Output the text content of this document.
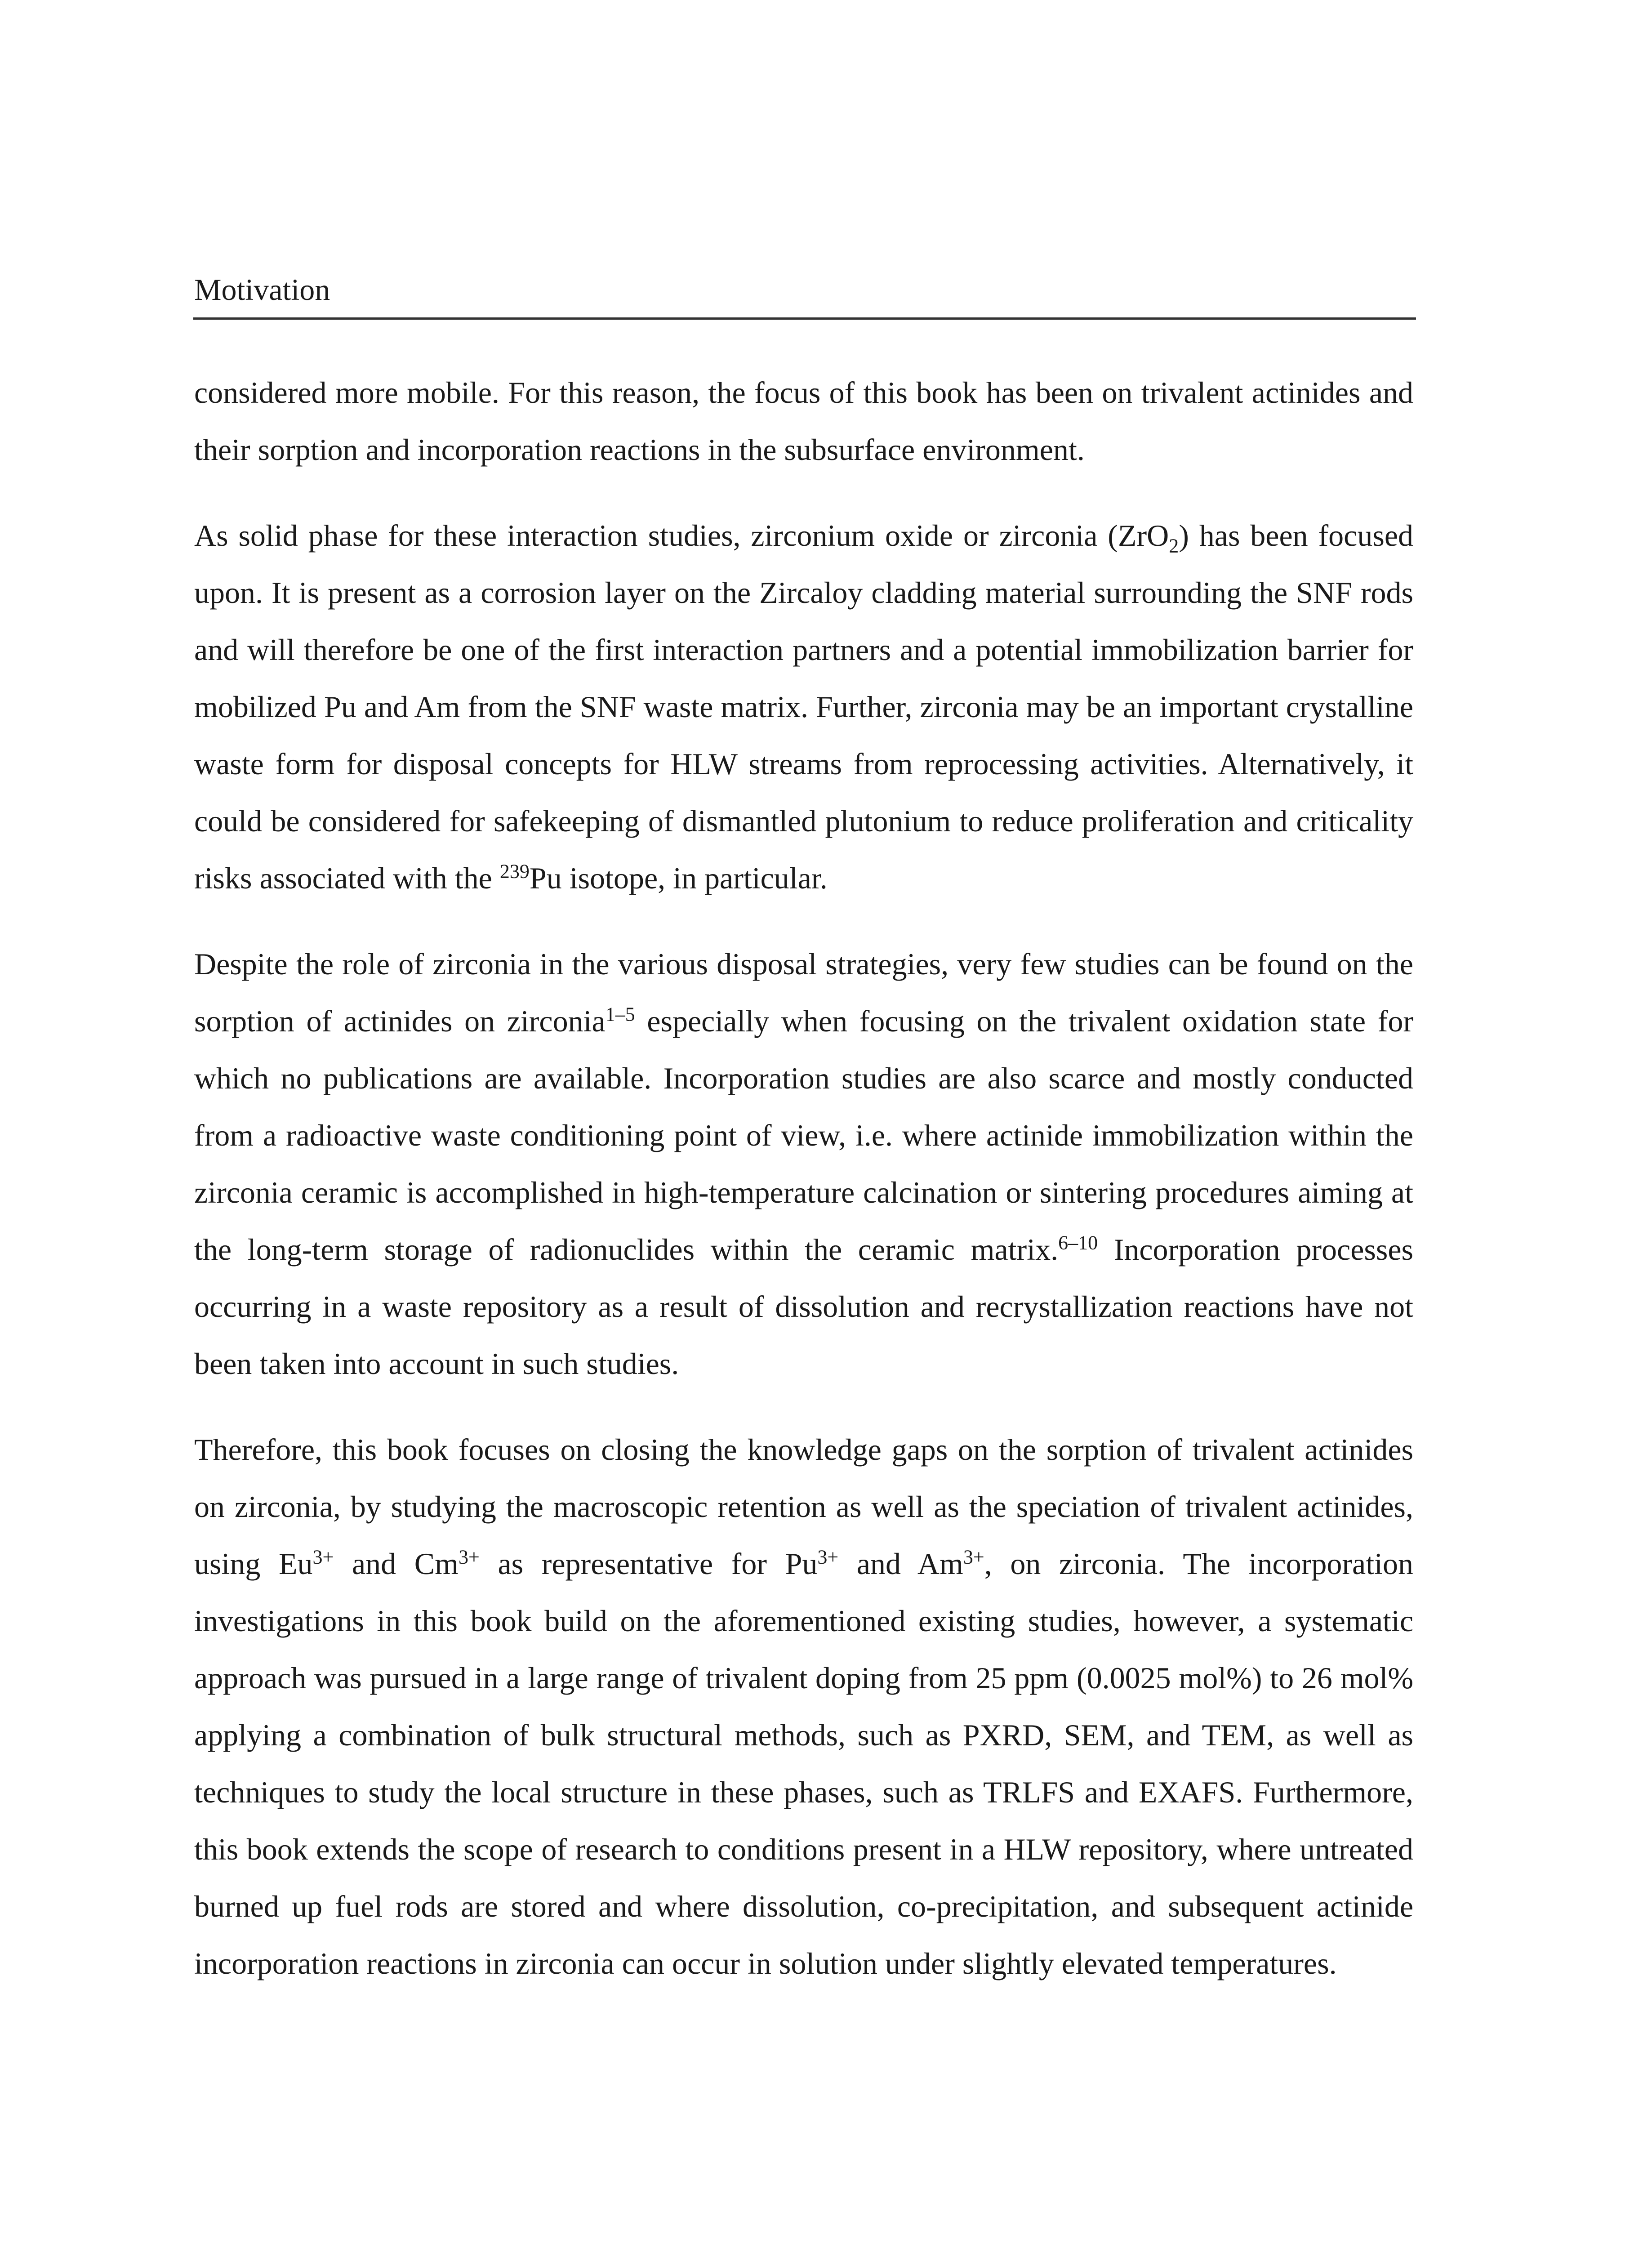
Motivation

considered more mobile. For this reason, the focus of this book has been on trivalent actinides and their sorption and incorporation reactions in the subsurface environment.

As solid phase for these interaction studies, zirconium oxide or zirconia (ZrO$_2$) has been focused upon. It is present as a corrosion layer on the Zircaloy cladding material surrounding the SNF rods and will therefore be one of the first interaction partners and a potential immobilization barrier for mobilized Pu and Am from the SNF waste matrix. Further, zirconia may be an important crystalline waste form for disposal concepts for HLW streams from reprocessing activities. Alternatively, it could be considered for safekeeping of dismantled plutonium to reduce proliferation and criticality risks associated with the $^{239}$Pu isotope, in particular.

Despite the role of zirconia in the various disposal strategies, very few studies can be found on the sorption of actinides on zirconia$^{1-5}$ especially when focusing on the trivalent oxidation state for which no publications are available. Incorporation studies are also scarce and mostly conducted from a radioactive waste conditioning point of view, i.e. where actinide immobilization within the zirconia ceramic is accomplished in high-temperature calcination or sintering procedures aiming at the long-term storage of radionuclides within the ceramic matrix.$^{6-10}$ Incorporation processes occurring in a waste repository as a result of dissolution and recrystallization reactions have not been taken into account in such studies.

Therefore, this book focuses on closing the knowledge gaps on the sorption of trivalent actinides on zirconia, by studying the macroscopic retention as well as the speciation of trivalent actinides, using $Eu^{3+}$ and $Cm^{3+}$ as representative for $Pu^{3+}$ and $Am^{3+}$, on zirconia. The incorporation investigations in this book build on the aforementioned existing studies, however, a systematic approach was pursued in a large range of trivalent doping from 25 ppm (0.0025 mol%) to 26 mol% applying a combination of bulk structural methods, such as PXRD, SEM, and TEM, as well as techniques to study the local structure in these phases, such as TRLFS and EXAFS. Furthermore, this book extends the scope of research to conditions present in a HLW repository, where untreated burned up fuel rods are stored and where dissolution, co-precipitation, and subsequent actinide incorporation reactions in zirconia can occur in solution under slightly elevated temperatures.
